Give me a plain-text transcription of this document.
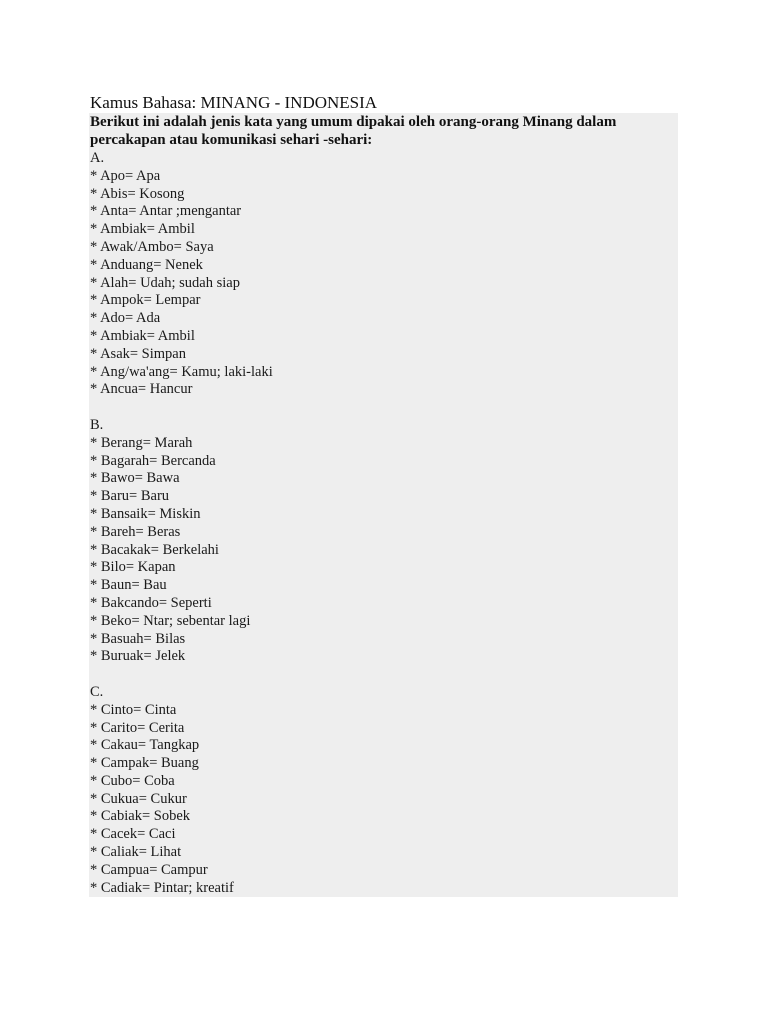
Kamus Bahasa: MINANG - INDONESIA
Berikut ini adalah jenis kata yang umum dipakai oleh orang-orang Minang dalam percakapan atau komunikasi sehari -sehari:
A.
* Apo= Apa
* Abis= Kosong
* Anta= Antar ;mengantar
* Ambiak= Ambil
* Awak/Ambo= Saya
* Anduang= Nenek
* Alah= Udah; sudah siap
* Ampok= Lempar
* Ado= Ada
* Ambiak= Ambil
* Asak= Simpan
* Ang/wa'ang= Kamu; laki-laki
* Ancua= Hancur
B.
* Berang= Marah
* Bagarah= Bercanda
* Bawo= Bawa
* Baru= Baru
* Bansaik= Miskin
* Bareh= Beras
* Bacakak= Berkelahi
* Bilo= Kapan
* Baun= Bau
* Bakcando= Seperti
* Beko= Ntar; sebentar lagi
* Basuah= Bilas
* Buruak= Jelek
C.
* Cinto= Cinta
* Carito= Cerita
* Cakau= Tangkap
* Campak= Buang
* Cubo= Coba
* Cukua= Cukur
* Cabiak= Sobek
* Cacek= Caci
* Caliak= Lihat
* Campua= Campur
* Cadiak= Pintar; kreatif
